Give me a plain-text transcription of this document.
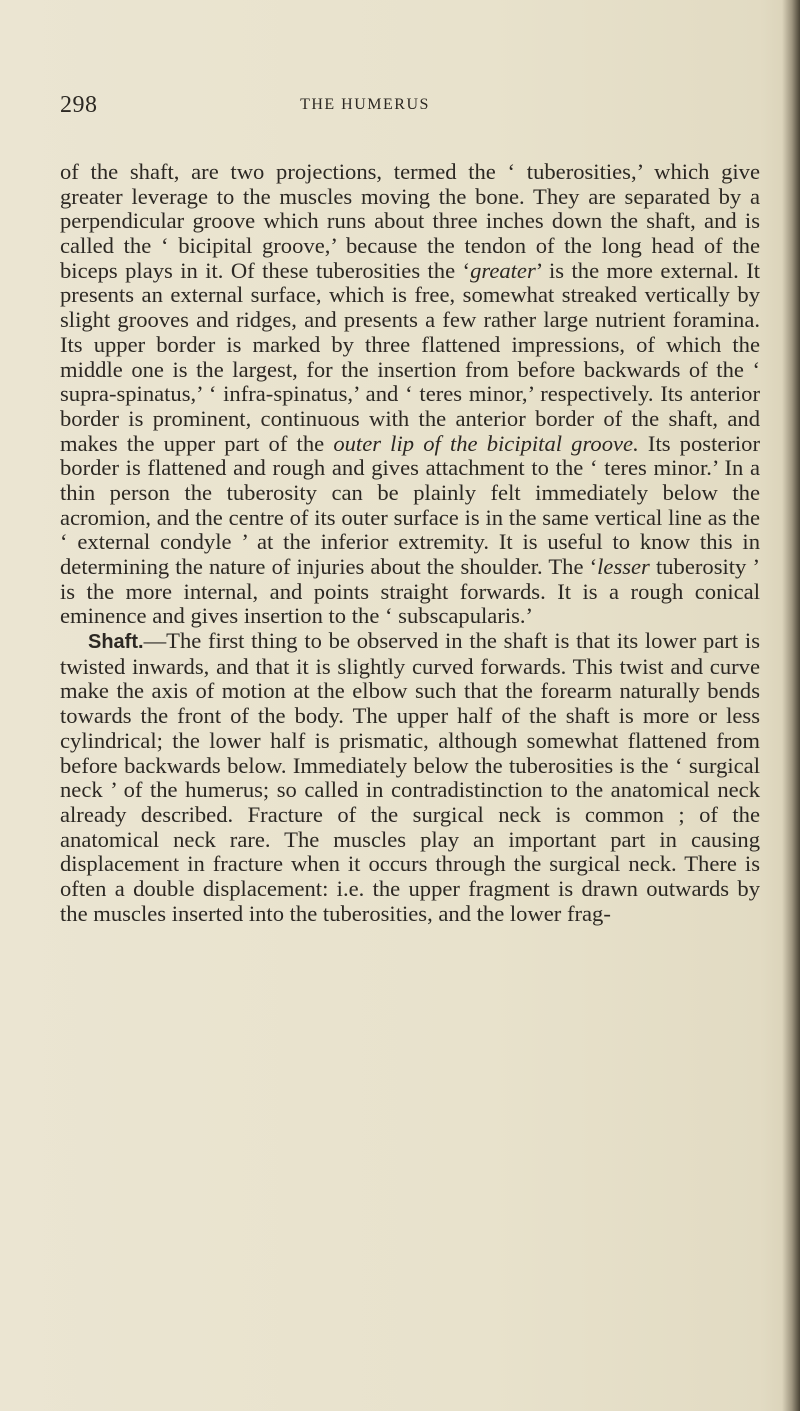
298	THE HUMERUS

of the shaft, are two projections, termed the ‘ tuberosities,’ which give greater leverage to the muscles moving the bone. They are separated by a perpendicular groove which runs about three inches down the shaft, and is called the ‘ bicipital groove,’ because the tendon of the long head of the biceps plays in it. Of these tuberosities the ‘greater’ is the more external. It presents an external surface, which is free, somewhat streaked vertically by slight grooves and ridges, and presents a few rather large nutrient foramina. Its upper border is marked by three flattened impressions, of which the middle one is the largest, for the insertion from before backwards of the ‘ supra-spinatus,’ ‘ infra-spinatus,’ and ‘ teres minor,’ respectively. Its anterior border is prominent, continuous with the anterior border of the shaft, and makes the upper part of the outer lip of the bicipital groove. Its posterior border is flattened and rough and gives attachment to the ‘ teres minor.’ In a thin person the tuberosity can be plainly felt immediately below the acromion, and the centre of its outer surface is in the same vertical line as the ‘ external condyle ’ at the inferior extremity. It is useful to know this in determining the nature of injuries about the shoulder. The ‘lesser tuberosity ’ is the more internal, and points straight forwards. It is a rough conical eminence and gives insertion to the ‘ subscapularis.’

Shaft.—The first thing to be observed in the shaft is that its lower part is twisted inwards, and that it is slightly curved forwards. This twist and curve make the axis of motion at the elbow such that the forearm naturally bends towards the front of the body. The upper half of the shaft is more or less cylindrical; the lower half is prismatic, although somewhat flattened from before backwards below. Immediately below the tuberosities is the ‘ surgical neck ’ of the humerus; so called in contradistinction to the anatomical neck already described. Fracture of the surgical neck is common ; of the anatomical neck rare. The muscles play an important part in causing displacement in fracture when it occurs through the surgical neck. There is often a double displacement: i.e. the upper fragment is drawn outwards by the muscles inserted into the tuberosities, and the lower frag-
